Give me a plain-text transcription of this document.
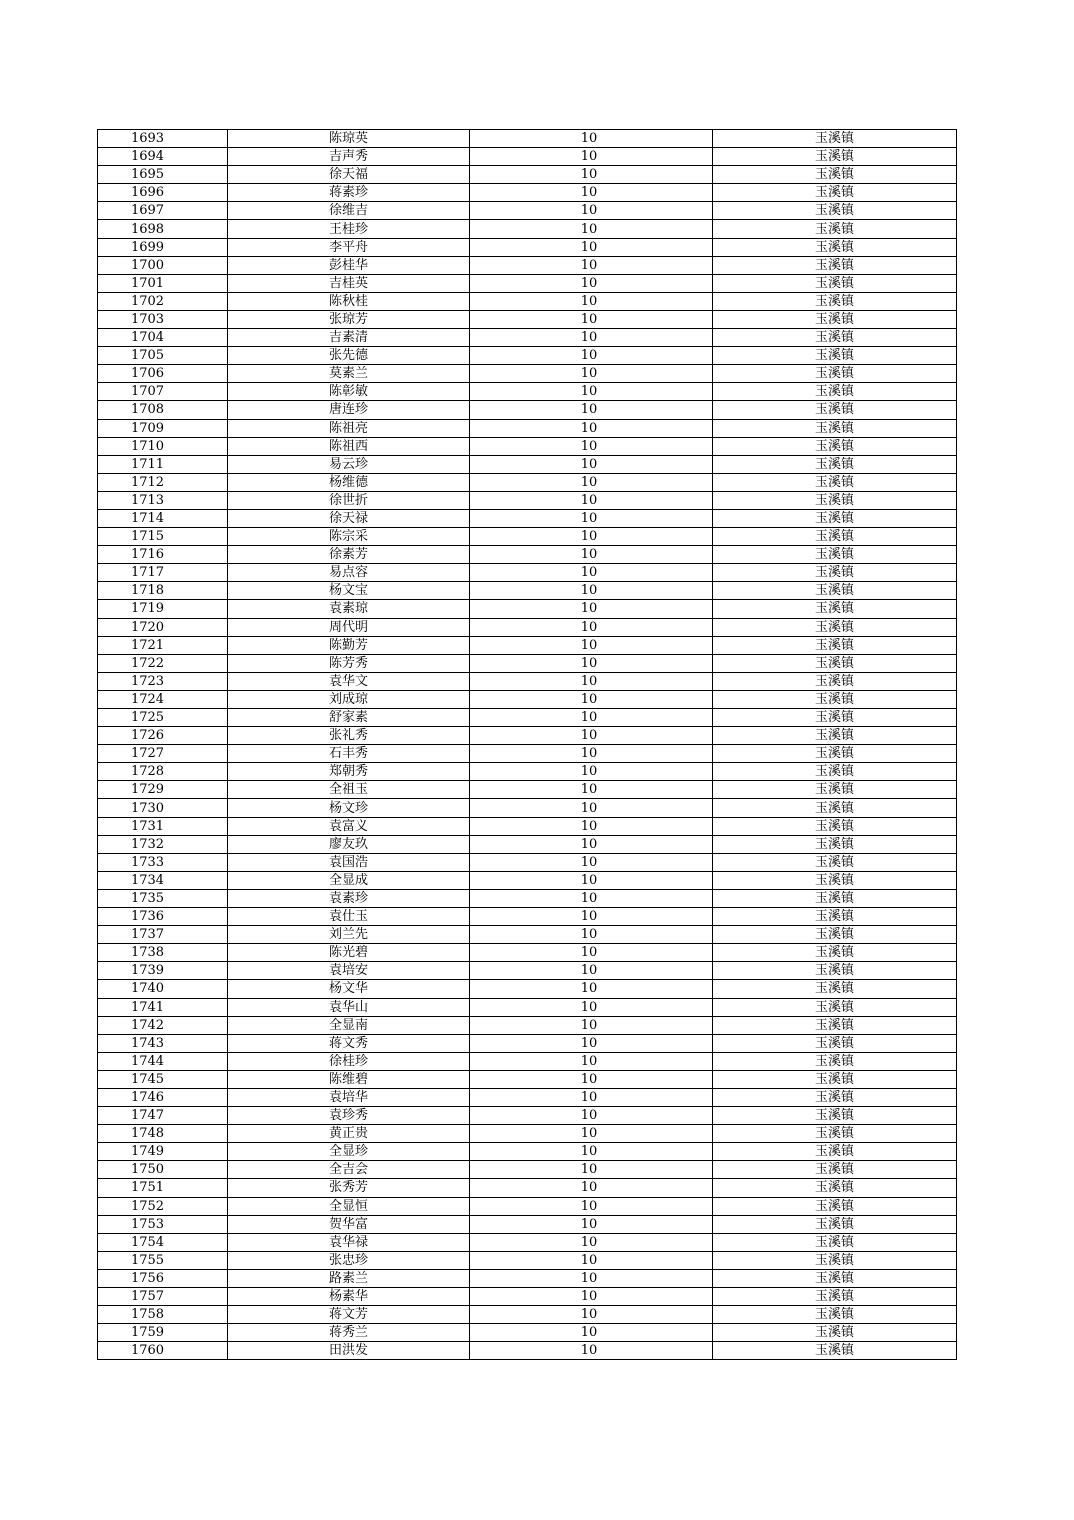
1693	陈琼英	10	玉溪镇
1694	吉声秀	10	玉溪镇
1695	徐天福	10	玉溪镇
1696	蒋素珍	10	玉溪镇
1697	徐维吉	10	玉溪镇
1698	王桂珍	10	玉溪镇
1699	李平舟	10	玉溪镇
1700	彭桂华	10	玉溪镇
1701	吉桂英	10	玉溪镇
1702	陈秋桂	10	玉溪镇
1703	张琼芳	10	玉溪镇
1704	吉素清	10	玉溪镇
1705	张先德	10	玉溪镇
1706	莫素兰	10	玉溪镇
1707	陈彰敏	10	玉溪镇
1708	唐连珍	10	玉溪镇
1709	陈祖亮	10	玉溪镇
1710	陈祖西	10	玉溪镇
1711	易云珍	10	玉溪镇
1712	杨维德	10	玉溪镇
1713	徐世折	10	玉溪镇
1714	徐天禄	10	玉溪镇
1715	陈宗采	10	玉溪镇
1716	徐素芳	10	玉溪镇
1717	易点容	10	玉溪镇
1718	杨文宝	10	玉溪镇
1719	袁素琼	10	玉溪镇
1720	周代明	10	玉溪镇
1721	陈勤芳	10	玉溪镇
1722	陈芳秀	10	玉溪镇
1723	袁华文	10	玉溪镇
1724	刘成琼	10	玉溪镇
1725	舒家素	10	玉溪镇
1726	张礼秀	10	玉溪镇
1727	石丰秀	10	玉溪镇
1728	郑朝秀	10	玉溪镇
1729	全祖玉	10	玉溪镇
1730	杨文珍	10	玉溪镇
1731	袁富义	10	玉溪镇
1732	廖友玖	10	玉溪镇
1733	袁国浩	10	玉溪镇
1734	全显成	10	玉溪镇
1735	袁素珍	10	玉溪镇
1736	袁仕玉	10	玉溪镇
1737	刘兰先	10	玉溪镇
1738	陈光碧	10	玉溪镇
1739	袁培安	10	玉溪镇
1740	杨文华	10	玉溪镇
1741	袁华山	10	玉溪镇
1742	全显南	10	玉溪镇
1743	蒋文秀	10	玉溪镇
1744	徐桂珍	10	玉溪镇
1745	陈维碧	10	玉溪镇
1746	袁培华	10	玉溪镇
1747	袁珍秀	10	玉溪镇
1748	黄正贵	10	玉溪镇
1749	全显珍	10	玉溪镇
1750	全吉会	10	玉溪镇
1751	张秀芳	10	玉溪镇
1752	全显恒	10	玉溪镇
1753	贺华富	10	玉溪镇
1754	袁华禄	10	玉溪镇
1755	张忠珍	10	玉溪镇
1756	路素兰	10	玉溪镇
1757	杨素华	10	玉溪镇
1758	蒋文芳	10	玉溪镇
1759	蒋秀兰	10	玉溪镇
1760	田洪发	10	玉溪镇
